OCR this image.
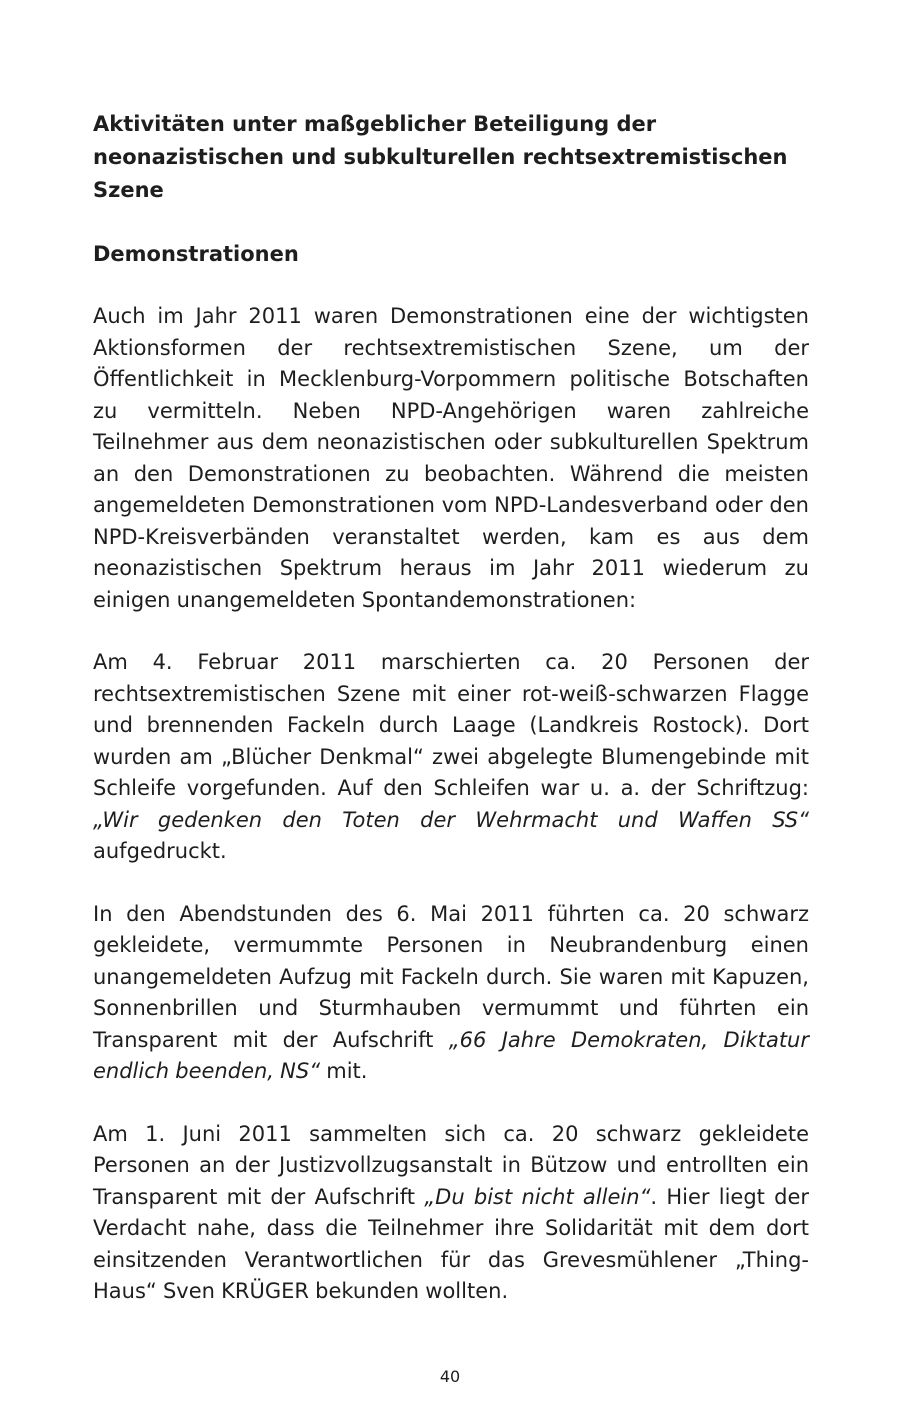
Aktivitäten unter maßgeblicher Beteiligung der neonazistischen und subkulturellen rechtsextremistischen Szene
Demonstrationen

Auch im Jahr 2011 waren Demonstrationen eine der wichtigsten Aktionsformen der rechtsextremistischen Szene, um der Öffentlichkeit in Mecklenburg-Vorpommern politische Botschaften zu vermitteln. Neben NPD-Angehörigen waren zahlreiche Teilnehmer aus dem neonazistischen oder subkulturellen Spektrum an den Demonstrationen zu beobachten. Während die meisten angemeldeten Demonstrationen vom NPD-Landesverband oder den NPD-Kreisverbänden veranstaltet werden, kam es aus dem neonazistischen Spektrum heraus im Jahr 2011 wiederum zu einigen unangemeldeten Spontandemonstrationen:

Am 4. Februar 2011 marschierten ca. 20 Personen der rechtsextremistischen Szene mit einer rot-weiß-schwarzen Flagge und brennenden Fackeln durch Laage (Landkreis Rostock). Dort wurden am „Blücher Denkmal“ zwei abgelegte Blumengebinde mit Schleife vorgefunden. Auf den Schleifen war u. a. der Schriftzug: „Wir gedenken den Toten der Wehrmacht und Waffen SS“ aufgedruckt.

In den Abendstunden des 6. Mai 2011 führten ca. 20 schwarz gekleidete, vermummte Personen in Neubrandenburg einen unangemeldeten Aufzug mit Fackeln durch. Sie waren mit Kapuzen, Sonnenbrillen und Sturmhauben vermummt und führten ein Transparent mit der Aufschrift „66 Jahre Demokraten, Diktatur endlich beenden, NS“ mit.

Am 1. Juni 2011 sammelten sich ca. 20 schwarz gekleidete Personen an der Justizvollzugsanstalt in Bützow und entrollten ein Transparent mit der Aufschrift „Du bist nicht allein“. Hier liegt der Verdacht nahe, dass die Teilnehmer ihre Solidarität mit dem dort einsitzenden Verantwortlichen für das Grevesmühlener „Thing-Haus“ Sven KRÜGER bekunden wollten.

40
